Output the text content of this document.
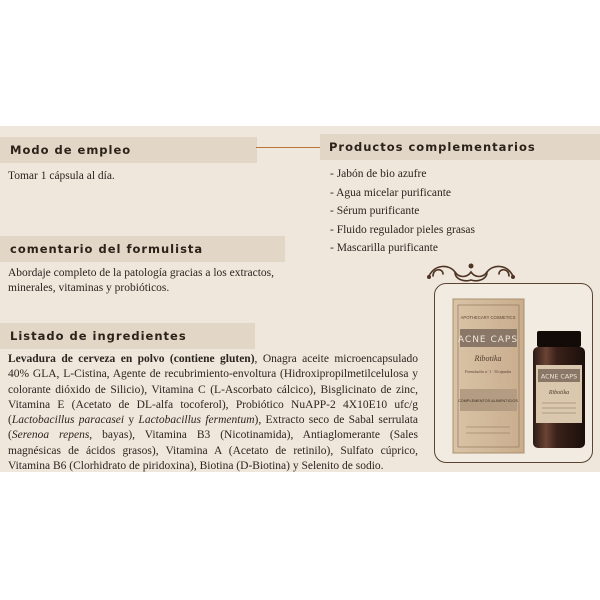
Modo de empleo
Tomar 1 cápsula al día.
Productos complementarios
- Jabón de bio azufre
- Agua micelar purificante
- Sérum purificante
- Fluido regulador pieles grasas
- Mascarilla purificante
comentario del formulista
Abordaje completo de la patología gracias a los extractos, minerales, vitaminas y probióticos.
Listado de ingredientes
Levadura de cerveza en polvo (contiene gluten), Onagra aceite microencapsulado 40% GLA, L-Cistina, Agente de recubrimiento-envoltura (Hidroxipropilmetilcelulosa y colorante dióxido de Silicio), Vitamina C (L-Ascorbato cálcico), Bisglicinato de zinc, Vitamina E (Acetato de DL-alfa tocoferol), Probiótico NuAPP-2 4X10E10 ufc/g (Lactobacillus paracasei y Lactobacillus fermentum), Extracto seco de Sabal serrulata (Serenoa repens, bayas), Vitamina B3 (Nicotinamida), Antiaglomerante (Sales magnésicas de ácidos grasos), Vitamina A (Acetato de retinilo), Sulfato cúprico, Vitamina B6 (Clorhidrato de piridoxina), Biotina (D-Biotina) y Selenito de sodio.
APOTHECARY COSMETICS
ACNE CAPS
Ribotika
Formulación n.º 1 · 30 cápsulas
COMPLEMENTOS ALIMENTICIOS
ACNE CAPS
Ribotika
